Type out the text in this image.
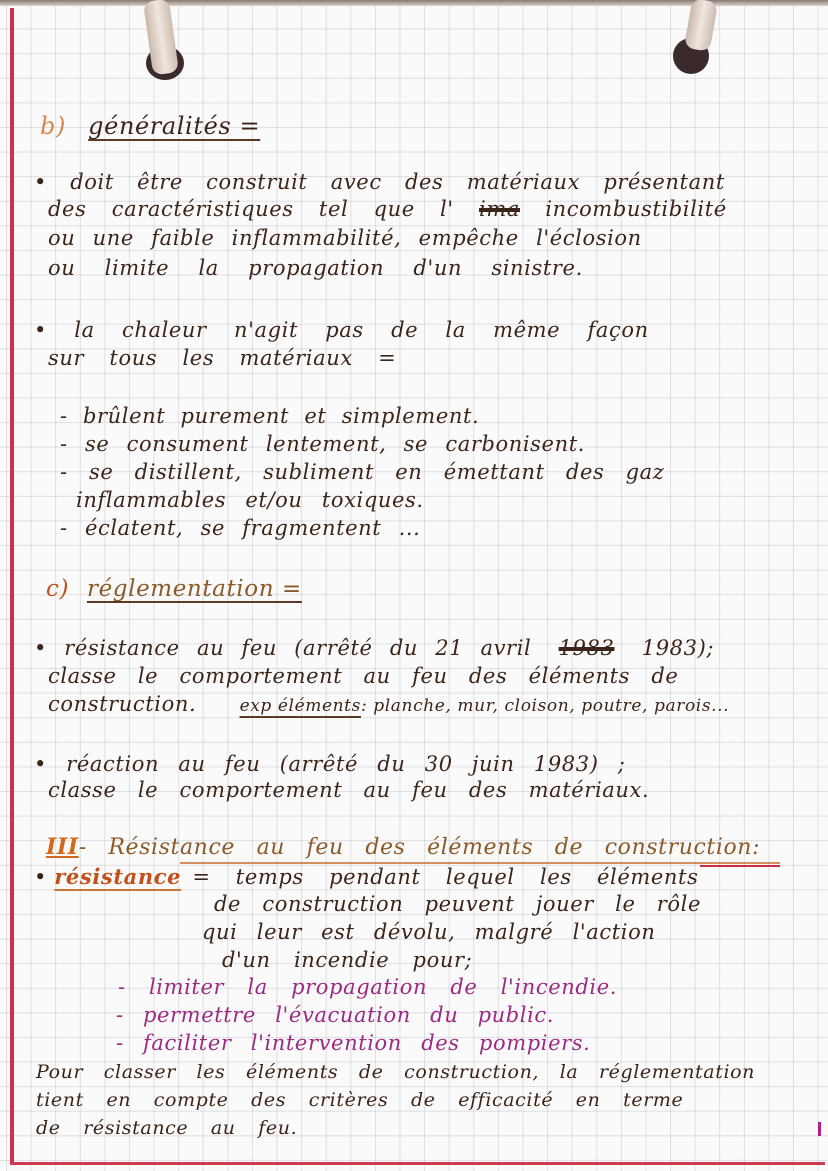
b) généralités =
• doit être construit avec des matériaux présentant
des caractéristiques tel que l' ima incombustibilité
ou une faible inflammabilité, empêche l'éclosion
ou limite la propagation d'un sinistre.
• la chaleur n'agit pas de la même façon
sur tous les matériaux =
- brûlent purement et simplement.
- se consument lentement, se carbonisent.
- se distillent, subliment en émettant des gaz
inflammables et/ou toxiques.
- éclatent, se fragmentent ...
c) réglementation =
• résistance au feu (arrêté du 21 avril 1983 1983);
classe le comportement au feu des éléments de
construction.	exp éléments: planche, mur, cloison, poutre, parois...
• réaction au feu (arrêté du 30 juin 1983) ;
classe le comportement au feu des matériaux.
III- Résistance au feu des éléments de construction:
• résistance = temps pendant lequel les éléments
de construction peuvent jouer le rôle
qui leur est dévolu, malgré l'action
d'un incendie pour;
- limiter la propagation de l'incendie.
- permettre l'évacuation du public.
- faciliter l'intervention des pompiers.
Pour classer les éléments de construction, la réglementation
tient en compte des critères de efficacité en terme
de résistance au feu.
